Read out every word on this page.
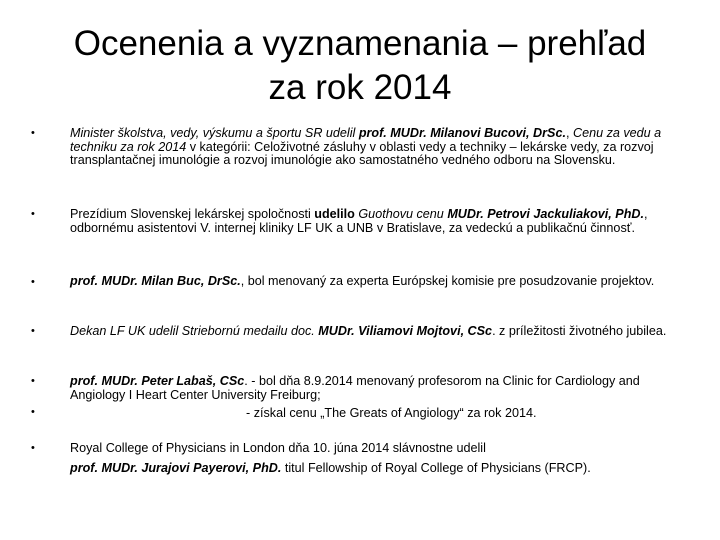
Ocenenia a vyznamenania – prehľad
za rok 2014
•
•
•
•
•
•
•
Minister školstva, vedy, výskumu a športu SR udelil prof. MUDr. Milanovi Bucovi, DrSc., Cenu za vedu a techniku za rok 2014 v kategórii: Celoživotné zásluhy v oblasti vedy a techniky – lekárske vedy, za rozvoj transplantačnej imunológie a rozvoj imunológie ako samostatného vedného odboru na Slovensku.
Prezídium Slovenskej lekárskej spoločnosti udelilo Guothovu cenu MUDr. Petrovi Jackuliakovi, PhD., odbornému asistentovi V. internej kliniky LF UK a UNB v Bratislave, za vedeckú a publikačnú činnosť.
prof. MUDr. Milan Buc, DrSc., bol menovaný za experta Európskej komisie pre posudzovanie projektov.
Dekan LF UK udelil Striebornú medailu doc. MUDr. Viliamovi Mojtovi, CSc. z príležitosti životného jubilea.
prof. MUDr. Peter Labaš, CSc. - bol dňa 8.9.2014 menovaný profesorom na Clinic for Cardiology and Angiology I Heart Center University Freiburg;
- získal cenu „The Greats of Angiology“ za rok 2014.
Royal College of Physicians in London dňa 10. júna 2014 slávnostne udelil
prof. MUDr. Jurajovi Payerovi, PhD. titul Fellowship of Royal College of Physicians (FRCP).
